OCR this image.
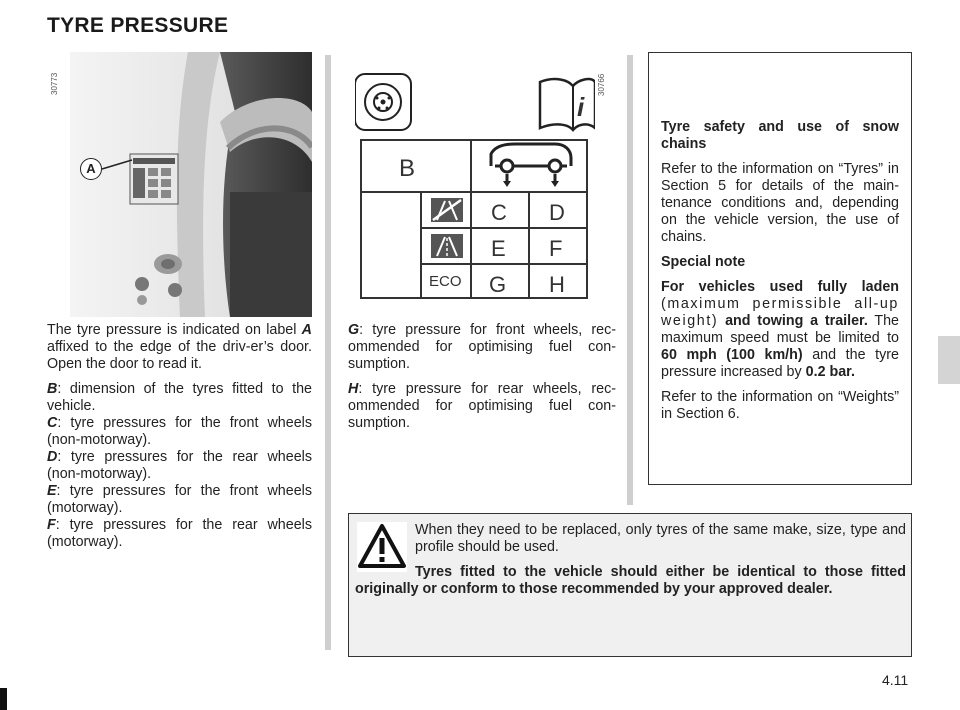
TYRE PRESSURE
30773	30766
A
i
B
ECO
C D
E F
G H

The tyre pressure is indicated on label A affixed to the edge of the driv-er’s door. Open the door to read it.

B: dimension of the tyres fitted to the vehicle.
C: tyre pressures for the front wheels (non-motorway).
D: tyre pressures for the rear wheels (non-motorway).
E: tyre pressures for the front wheels (motorway).
F: tyre pressures for the rear wheels (motorway).

G: tyre pressure for front wheels, rec-ommended for optimising fuel con-sumption.

H: tyre pressure for rear wheels, rec-ommended for optimising fuel con-sumption.

Tyre safety and use of snow chains

Refer to the information on “Tyres” in Section 5 for details of the main-tenance conditions and, depending on the vehicle version, the use of chains.

Special note

For vehicles used fully laden (maximum permissible all-up weight) and towing a trailer. The maximum speed must be limited to 60 mph (100 km/h) and the tyre pressure increased by 0.2 bar.

Refer to the information on “Weights” in Section 6.

When they need to be replaced, only tyres of the same make, size, type and profile should be used.

Tyres fitted to the vehicle should either be identical to those fitted originally or conform to those recommended by your approved dealer.

4.11
